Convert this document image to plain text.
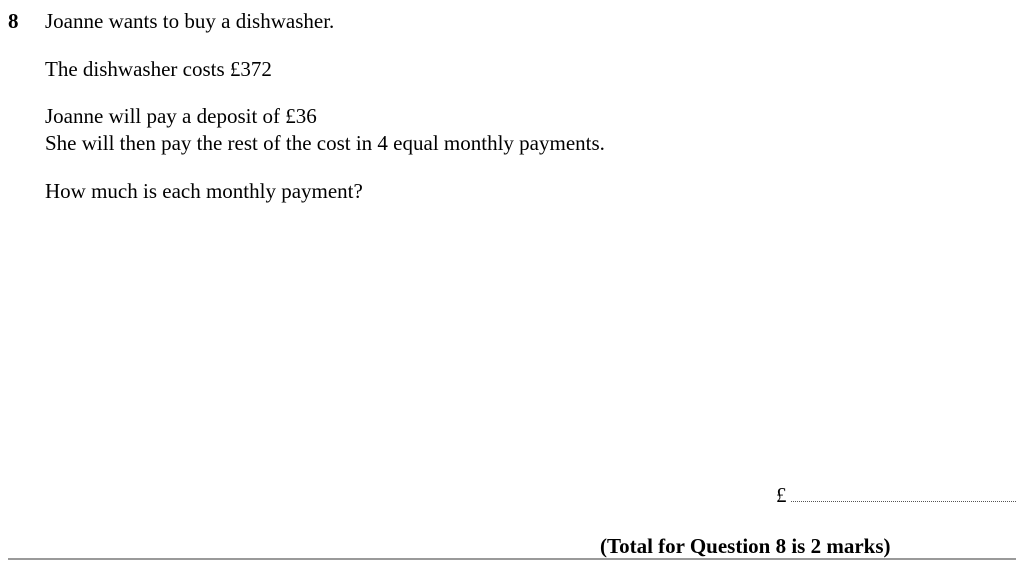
8 Joanne wants to buy a dishwasher.
The dishwasher costs £372
Joanne will pay a deposit of £36
She will then pay the rest of the cost in 4 equal monthly payments.
How much is each monthly payment?
£
(Total for Question 8 is 2 marks)
